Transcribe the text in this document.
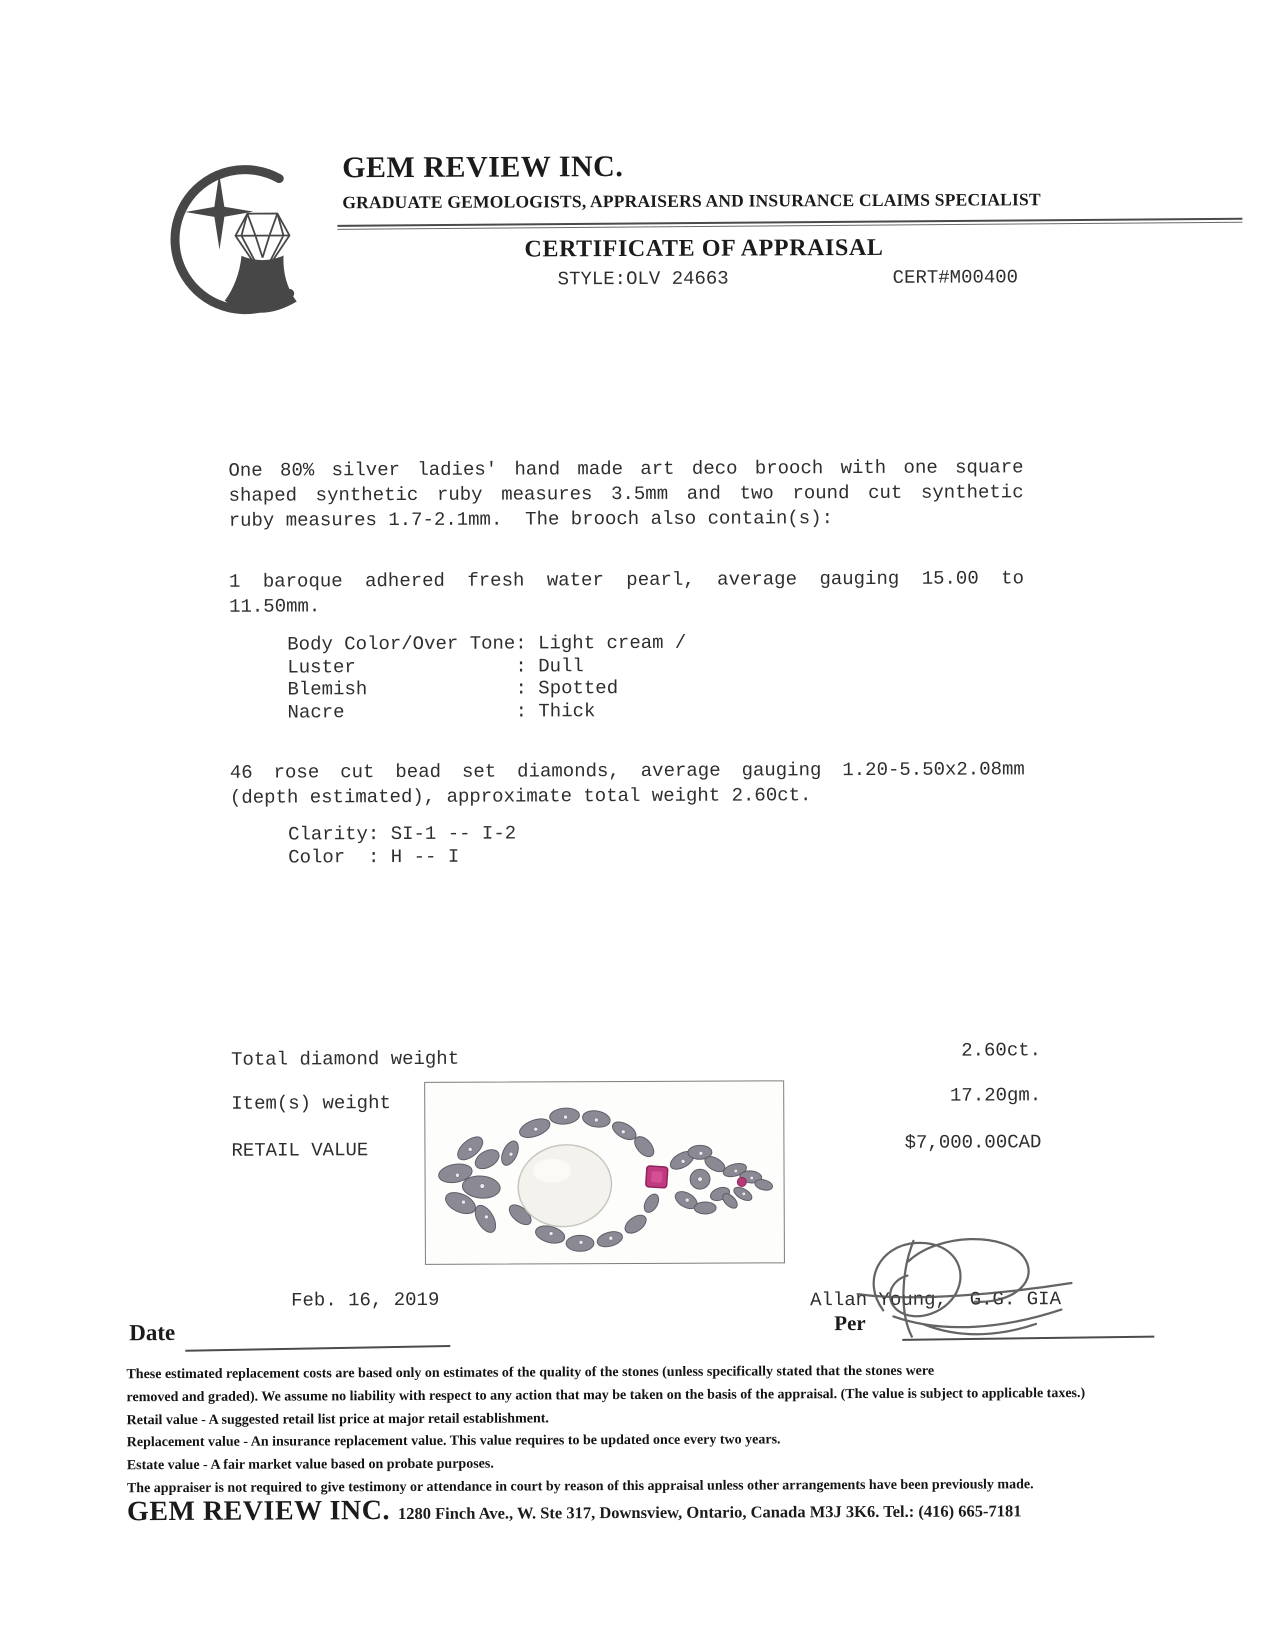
GEM REVIEW INC.
GRADUATE GEMOLOGISTS, APPRAISERS AND INSURANCE CLAIMS SPECIALIST
CERTIFICATE OF APPRAISAL
STYLE:OLV 24663	CERT#M00400
One 80% silver ladies' hand made art deco brooch with one square
shaped synthetic ruby measures 3.5mm and two round cut synthetic
ruby measures 1.7-2.1mm.  The brooch also contain(s):
1 baroque adhered fresh water pearl, average gauging 15.00 to
11.50mm.
Body Color/Over Tone: Light cream /
Luster              : Dull
Blemish             : Spotted
Nacre               : Thick
46 rose cut bead set diamonds, average gauging 1.20-5.50x2.08mm
(depth estimated), approximate total weight 2.60ct.
Clarity: SI-1 -- I-2
Color  : H -- I
Total diamond weight	2.60ct.
Item(s) weight	17.20gm.
RETAIL VALUE	$7,000.00CAD
Feb. 16, 2019	Allan Young,  G.G. GIA
Date	Per
These estimated replacement costs are based only on estimates of the quality of the stones (unless specifically stated that the stones were
removed and graded). We assume no liability with respect to any action that may be taken on the basis of the appraisal. (The value is subject to applicable taxes.)
Retail value - A suggested retail list price at major retail establishment.
Replacement value - An insurance replacement value. This value requires to be updated once every two years.
Estate value - A fair market value based on probate purposes.
The appraiser is not required to give testimony or attendance in court by reason of this appraisal unless other arrangements have been previously made.
GEM REVIEW INC. 1280 Finch Ave., W. Ste 317, Downsview, Ontario, Canada M3J 3K6. Tel.: (416) 665-7181
